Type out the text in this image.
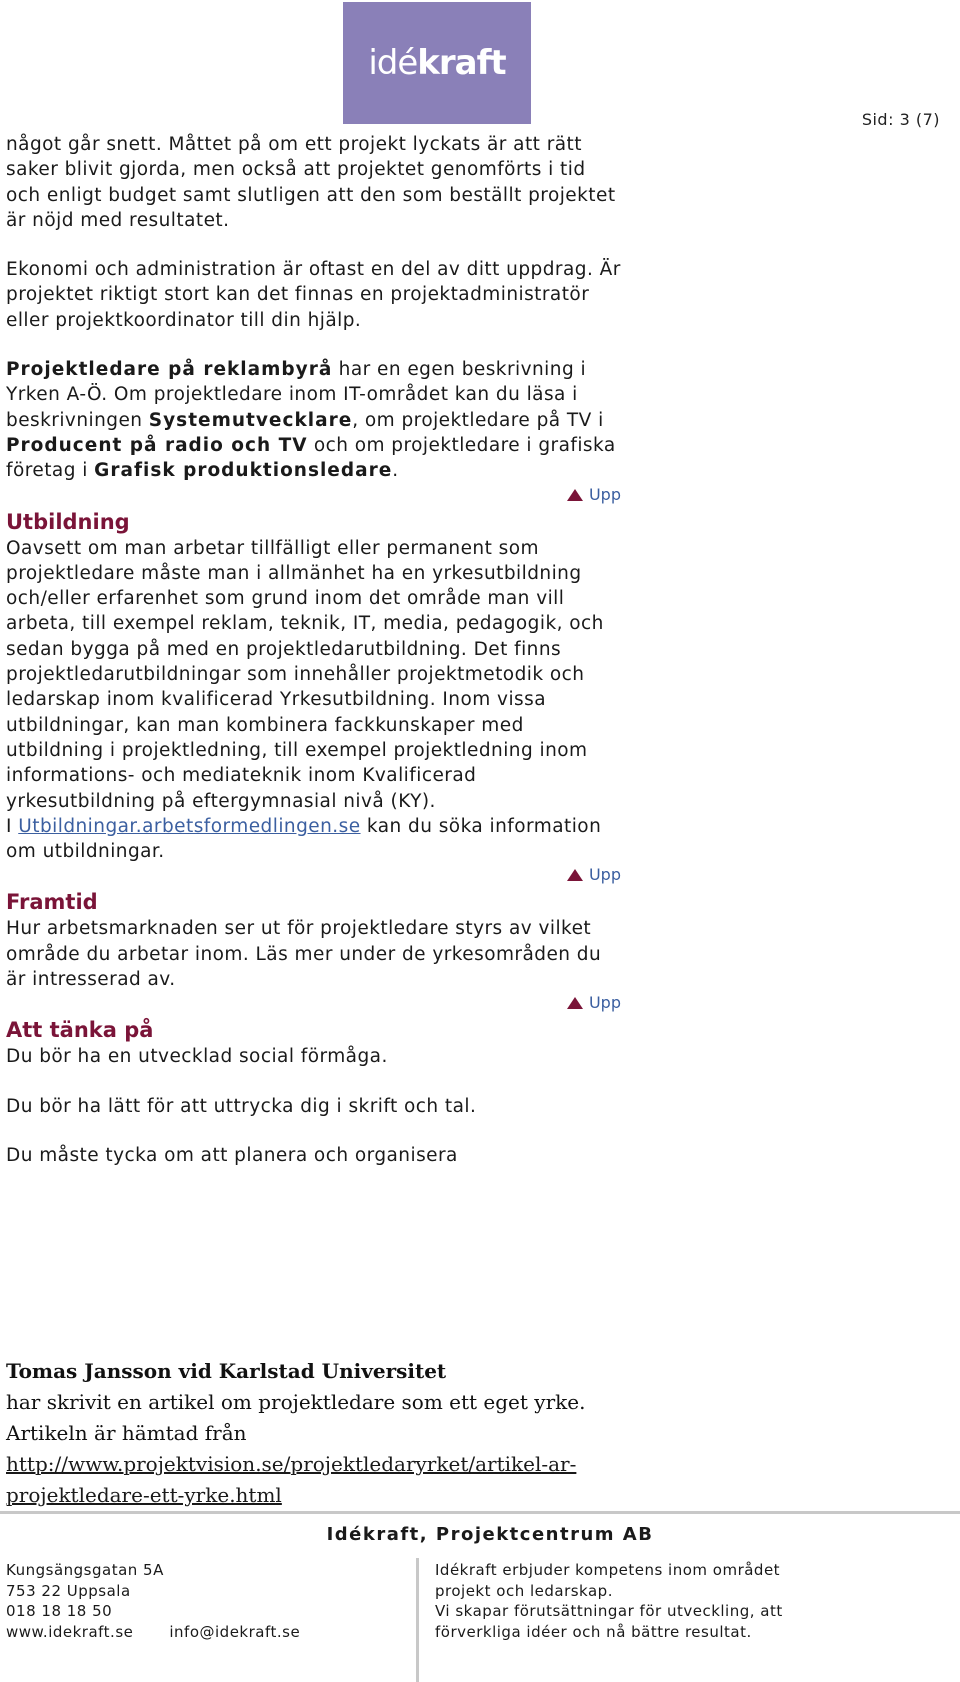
idékraft
Sid: 3 (7)

något går snett. Måttet på om ett projekt lyckats är att rätt saker blivit gjorda, men också att projektet genomförts i tid och enligt budget samt slutligen att den som beställt projektet är nöjd med resultatet.

Ekonomi och administration är oftast en del av ditt uppdrag. Är projektet riktigt stort kan det finnas en projektadministratör eller projektkoordinator till din hjälp.

Projektledare på reklambyrå har en egen beskrivning i Yrken A-Ö. Om projektledare inom IT-området kan du läsa i beskrivningen Systemutvecklare, om projektledare på TV i Producent på radio och TV och om projektledare i grafiska företag i Grafisk produktionsledare.

Upp
Utbildning

Oavsett om man arbetar tillfälligt eller permanent som projektledare måste man i allmänhet ha en yrkesutbildning och/eller erfarenhet som grund inom det område man vill arbeta, till exempel reklam, teknik, IT, media, pedagogik, och sedan bygga på med en projektledarutbildning. Det finns projektledarutbildningar som innehåller projektmetodik och ledarskap inom kvalificerad Yrkesutbildning. Inom vissa utbildningar, kan man kombinera fackkunskaper med utbildning i projektledning, till exempel projektledning inom informations- och mediateknik inom Kvalificerad yrkesutbildning på eftergymnasial nivå (KY).

I Utbildningar.arbetsformedlingen.se kan du söka information om utbildningar.

Upp
Framtid

Hur arbetsmarknaden ser ut för projektledare styrs av vilket område du arbetar inom. Läs mer under de yrkesområden du är intresserad av.

Upp
Att tänka på

Du bör ha en utvecklad social förmåga.

Du bör ha lätt för att uttrycka dig i skrift och tal.

Du måste tycka om att planera och organisera

Tomas Jansson vid Karlstad Universitet
har skrivit en artikel om projektledare som ett eget yrke.
Artikeln är hämtad från
http://www.projektvision.se/projektledaryrket/artikel-ar-projektledare-ett-yrke.html
Idékraft, Projektcentrum AB
Kungsängsgatan 5A
753 22 Uppsala
018 18 18 50
www.idekraft.se info@idekraft.se
Idékraft erbjuder kompetens inom området
projekt och ledarskap.
Vi skapar förutsättningar för utveckling, att
förverkliga idéer och nå bättre resultat.
